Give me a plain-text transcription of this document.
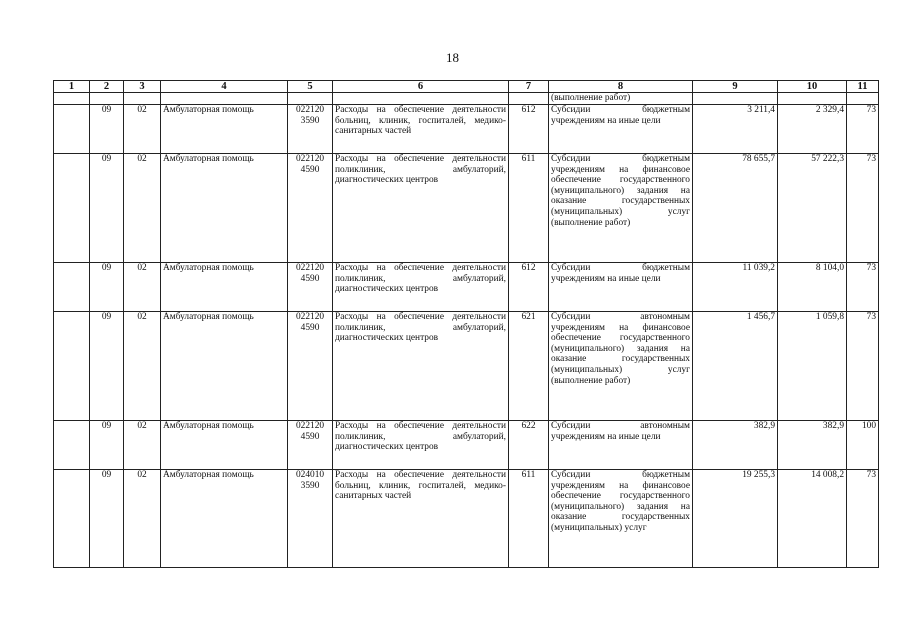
18
1	2	3	4	5	6	7	8	9	10	11
							(выполнение работ)			
	09	02	Амбулаторная помощь	022120 3590	Расходы на обеспечение деятельности больниц, клиник, госпиталей, медико-санитарных частей	612	Субсидии бюджетным учреждениям на иные цели	3 211,4	2 329,4	73
	09	02	Амбулаторная помощь	022120 4590	Расходы на обеспечение деятельности поликлиник, амбулаторий, диагностических центров	611	Субсидии бюджетным учреждениям на финансовое обеспечение государственного (муниципального) задания на оказание государственных (муниципальных) услуг (выполнение работ)	78 655,7	57 222,3	73
	09	02	Амбулаторная помощь	022120 4590	Расходы на обеспечение деятельности поликлиник, амбулаторий, диагностических центров	612	Субсидии бюджетным учреждениям на иные цели	11 039,2	8 104,0	73
	09	02	Амбулаторная помощь	022120 4590	Расходы на обеспечение деятельности поликлиник, амбулаторий, диагностических центров	621	Субсидии автономным учреждениям на финансовое обеспечение государственного (муниципального) задания на оказание государственных (муниципальных) услуг (выполнение работ)	1 456,7	1 059,8	73
	09	02	Амбулаторная помощь	022120 4590	Расходы на обеспечение деятельности поликлиник, амбулаторий, диагностических центров	622	Субсидии автономным учреждениям на иные цели	382,9	382,9	100
	09	02	Амбулаторная помощь	024010 3590	Расходы на обеспечение деятельности больниц, клиник, госпиталей, медико-санитарных частей	611	Субсидии бюджетным учреждениям на финансовое обеспечение государственного (муниципального) задания на оказание государственных (муниципальных) услуг	19 255,3	14 008,2	73
